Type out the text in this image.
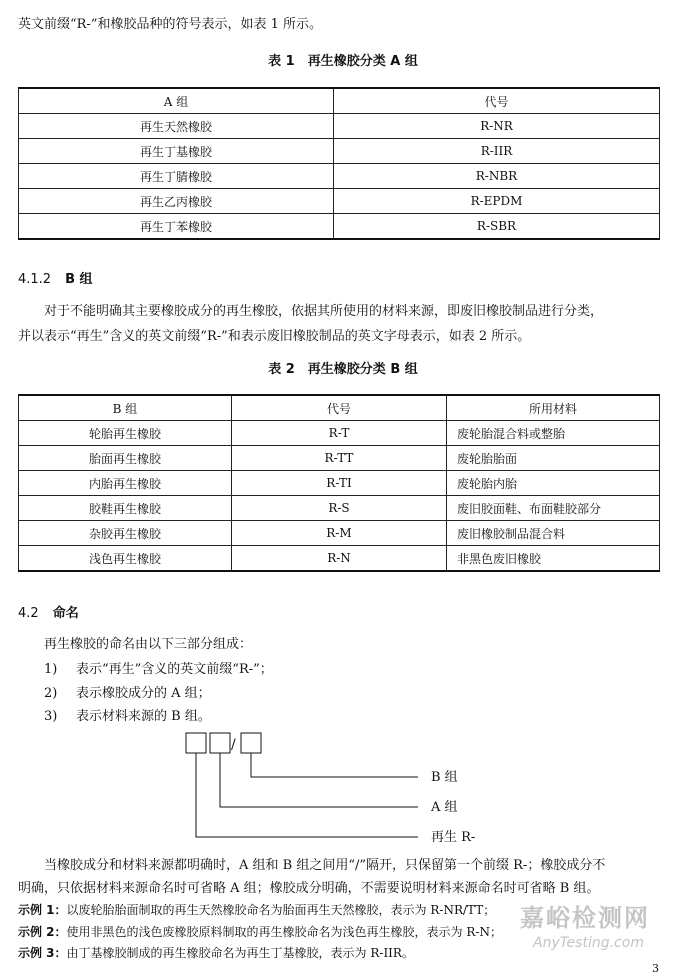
英文前缀“R-”和橡胶品种的符号表示，如表 1 所示。
表 1　再生橡胶分类 A 组
A 组	代号
再生天然橡胶	R-NR
再生丁基橡胶	R-IIR
再生丁腈橡胶	R-NBR
再生乙丙橡胶	R-EPDM
再生丁苯橡胶	R-SBR
4.1.2 B 组
对于不能明确其主要橡胶成分的再生橡胶，依据其所使用的材料来源，即废旧橡胶制品进行分类，
并以表示“再生”含义的英文前缀“R-”和表示废旧橡胶制品的英文字母表示，如表 2 所示。
表 2　再生橡胶分类 B 组
B 组	代号	所用材料
轮胎再生橡胶	R-T	废轮胎混合料或整胎
胎面再生橡胶	R-TT	废轮胎胎面
内胎再生橡胶	R-TI	废轮胎内胎
胶鞋再生橡胶	R-S	废旧胶面鞋、布面鞋胶部分
杂胶再生橡胶	R-M	废旧橡胶制品混合料
浅色再生橡胶	R-N	非黑色废旧橡胶
4.2 命名
再生橡胶的命名由以下三部分组成：
1) 表示“再生”含义的英文前缀“R-”；
2) 表示橡胶成分的 A 组；
3) 表示材料来源的 B 组。
/
B 组
A 组
再生 R-
当橡胶成分和材料来源都明确时，A 组和 B 组之间用“/”隔开，只保留第一个前缀 R-；橡胶成分不
明确，只依据材料来源命名时可省略 A 组；橡胶成分明确，不需要说明材料来源命名时可省略 B 组。
示例 1：以废轮胎胎面制取的再生天然橡胶命名为胎面再生天然橡胶，表示为 R-NR/TT；
示例 2：使用非黑色的浅色废橡胶原料制取的再生橡胶命名为浅色再生橡胶，表示为 R-N；
示例 3：由丁基橡胶制成的再生橡胶命名为再生丁基橡胶，表示为 R-IIR。
嘉峪检测网
AnyTesting.com
3
